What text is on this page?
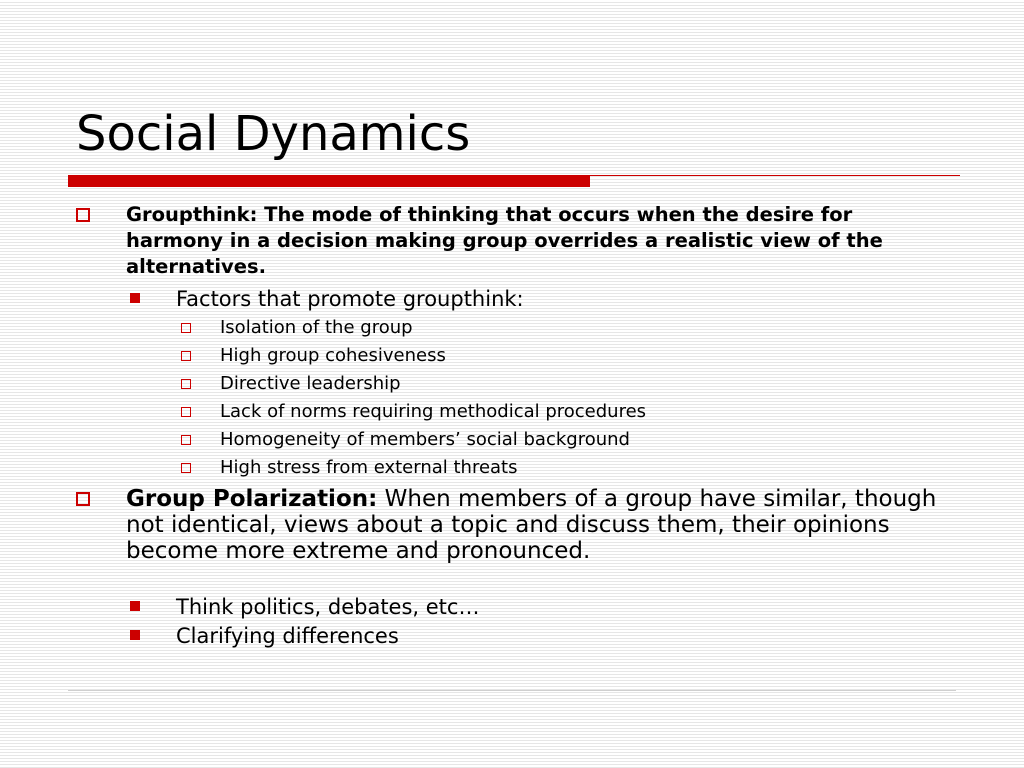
Social Dynamics
Groupthink: The mode of thinking that occurs when the desire for harmony in a decision making group overrides a realistic view of the alternatives.
Factors that promote groupthink:
Isolation of the group
High group cohesiveness
Directive leadership
Lack of norms requiring methodical procedures
Homogeneity of members’ social background
High stress from external threats
Group Polarization: When members of a group have similar, though not identical, views about a topic and discuss them, their opinions become more extreme and pronounced.
Think politics, debates, etc…
Clarifying differences
